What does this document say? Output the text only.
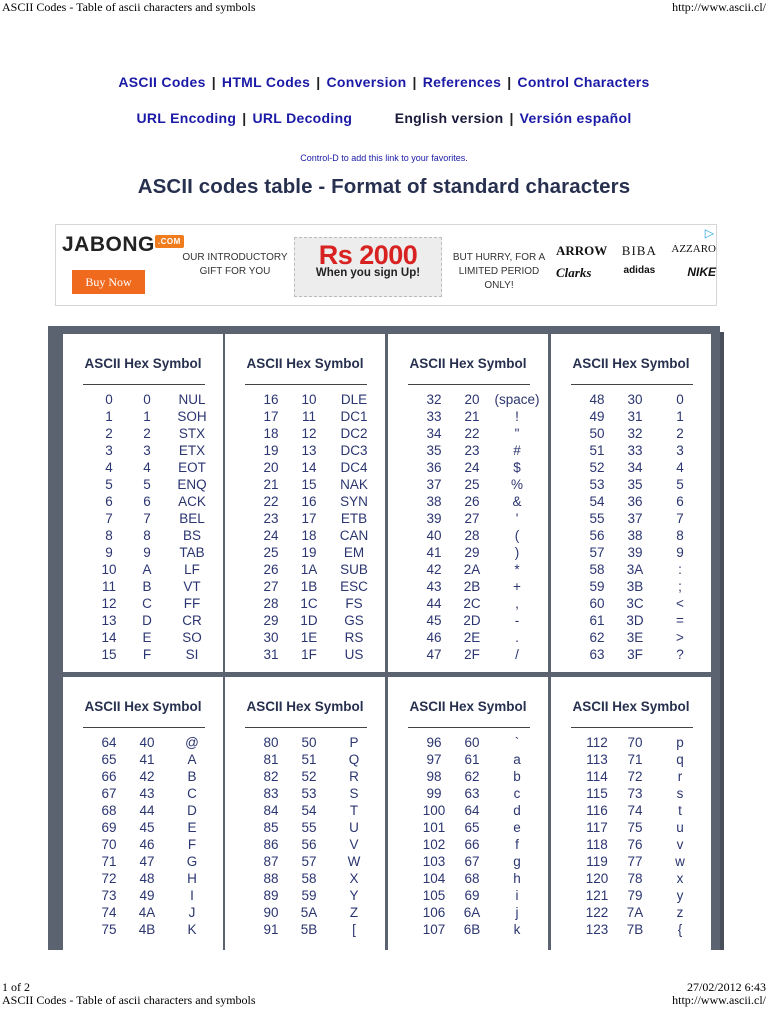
ASCII Codes - Table of ascii characters and symbols	http://www.ascii.cl/
ASCII Codes | HTML Codes | Conversion | References | Control Characters
URL Encoding | URL Decoding	English version | Versión español
Control-D to add this link to your favorites.
ASCII codes table - Format of standard characters
JABONG .COM
Buy Now
OUR INTRODUCTORY GIFT FOR YOU
Rs 2000
When you sign Up!
BUT HURRY, FOR A LIMITED PERIOD ONLY!
ARROW BIBA AZZARO
Clarks	adidas	NIKE
▷
ASCII Hex Symbol
0	0	NUL
1	1	SOH
2	2	STX
3	3	ETX
4	4	EOT
5	5	ENQ
6	6	ACK
7	7	BEL
8	8	BS
9	9	TAB
10	A	LF
11	B	VT
12	C	FF
13	D	CR
14	E	SO
15	F	SI
ASCII Hex Symbol
16	10	DLE
17	11	DC1
18	12	DC2
19	13	DC3
20	14	DC4
21	15	NAK
22	16	SYN
23	17	ETB
24	18	CAN
25	19	EM
26	1A	SUB
27	1B	ESC
28	1C	FS
29	1D	GS
30	1E	RS
31	1F	US
ASCII Hex Symbol
32	20	(space)
33	21	!
34	22	"
35	23	#
36	24	$
37	25	%
38	26	&
39	27	'
40	28	(
41	29	)
42	2A	*
43	2B	+
44	2C	,
45	2D	-
46	2E	.
47	2F	/
ASCII Hex Symbol
48	30	0
49	31	1
50	32	2
51	33	3
52	34	4
53	35	5
54	36	6
55	37	7
56	38	8
57	39	9
58	3A	:
59	3B	;
60	3C	<
61	3D	=
62	3E	>
63	3F	?
ASCII Hex Symbol
64	40	@
65	41	A
66	42	B
67	43	C
68	44	D
69	45	E
70	46	F
71	47	G
72	48	H
73	49	I
74	4A	J
75	4B	K
ASCII Hex Symbol
80	50	P
81	51	Q
82	52	R
83	53	S
84	54	T
85	55	U
86	56	V
87	57	W
88	58	X
89	59	Y
90	5A	Z
91	5B	[
ASCII Hex Symbol
96	60	`
97	61	a
98	62	b
99	63	c
100	64	d
101	65	e
102	66	f
103	67	g
104	68	h
105	69	i
106	6A	j
107	6B	k
ASCII Hex Symbol
112	70	p
113	71	q
114	72	r
115	73	s
116	74	t
117	75	u
118	76	v
119	77	w
120	78	x
121	79	y
122	7A	z
123	7B	{
1 of 2	27/02/2012 6:43
ASCII Codes - Table of ascii characters and symbols	http://www.ascii.cl/
